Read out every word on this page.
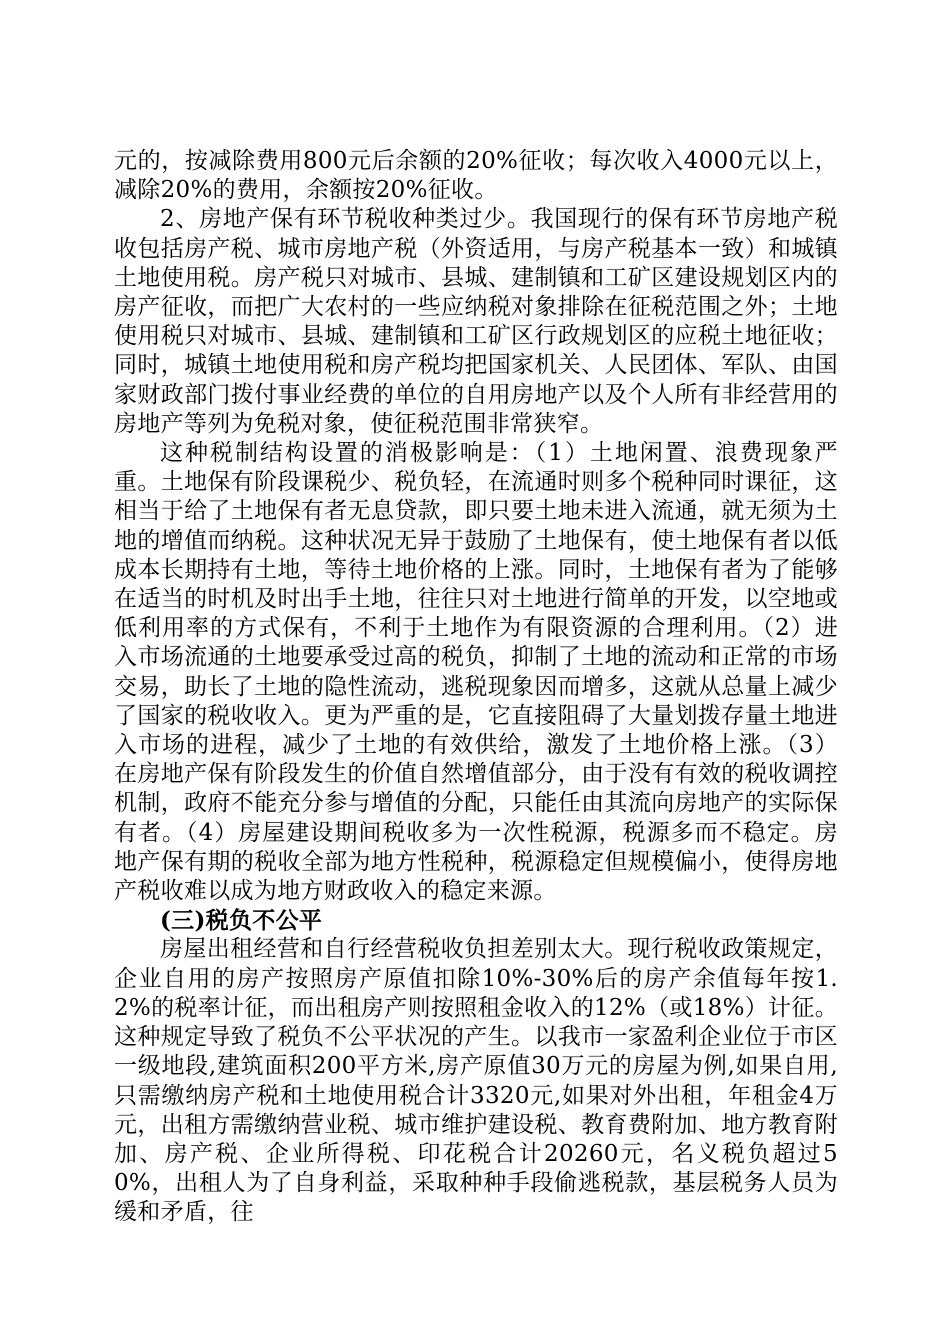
元的，按减除费用800元后余额的20%征收；每次收入4000元以上，减除20%的费用，余额按20%征收。

2、房地产保有环节税收种类过少。我国现行的保有环节房地产税收包括房产税、城市房地产税（外资适用，与房产税基本一致）和城镇土地使用税。房产税只对城市、县城、建制镇和工矿区建设规划区内的房产征收，而把广大农村的一些应纳税对象排除在征税范围之外；土地使用税只对城市、县城、建制镇和工矿区行政规划区的应税土地征收；同时，城镇土地使用税和房产税均把国家机关、人民团体、军队、由国家财政部门拨付事业经费的单位的自用房地产以及个人所有非经营用的房地产等列为免税对象，使征税范围非常狭窄。

这种税制结构设置的消极影响是：（1）土地闲置、浪费现象严重。土地保有阶段课税少、税负轻，在流通时则多个税种同时课征，这相当于给了土地保有者无息贷款，即只要土地未进入流通，就无须为土地的增值而纳税。这种状况无异于鼓励了土地保有，使土地保有者以低成本长期持有土地，等待土地价格的上涨。同时，土地保有者为了能够在适当的时机及时出手土地，往往只对土地进行简单的开发，以空地或低利用率的方式保有，不利于土地作为有限资源的合理利用。（2）进入市场流通的土地要承受过高的税负，抑制了土地的流动和正常的市场交易，助长了土地的隐性流动，逃税现象因而增多，这就从总量上减少了国家的税收收入。更为严重的是，它直接阻碍了大量划拨存量土地进入市场的进程，减少了土地的有效供给，激发了土地价格上涨。（3）在房地产保有阶段发生的价值自然增值部分，由于没有有效的税收调控机制，政府不能充分参与增值的分配，只能任由其流向房地产的实际保有者。（4）房屋建设期间税收多为一次性税源，税源多而不稳定。房地产保有期的税收全部为地方性税种，税源稳定但规模偏小，使得房地产税收难以成为地方财政收入的稳定来源。

(三)税负不公平

房屋出租经营和自行经营税收负担差别太大。现行税收政策规定，企业自用的房产按照房产原值扣除10%-30%后的房产余值每年按1.2%的税率计征，而出租房产则按照租金收入的12%（或18%）计征。这种规定导致了税负不公平状况的产生。以我市一家盈利企业位于市区一级地段,建筑面积200平方米,房产原值30万元的房屋为例,如果自用,只需缴纳房产税和土地使用税合计3320元,如果对外出租，年租金4万元，出租方需缴纳营业税、城市维护建设税、教育费附加、地方教育附加、房产税、企业所得税、印花税合计20260元，名义税负超过50%，出租人为了自身利益，采取种种手段偷逃税款，基层税务人员为缓和矛盾，往
